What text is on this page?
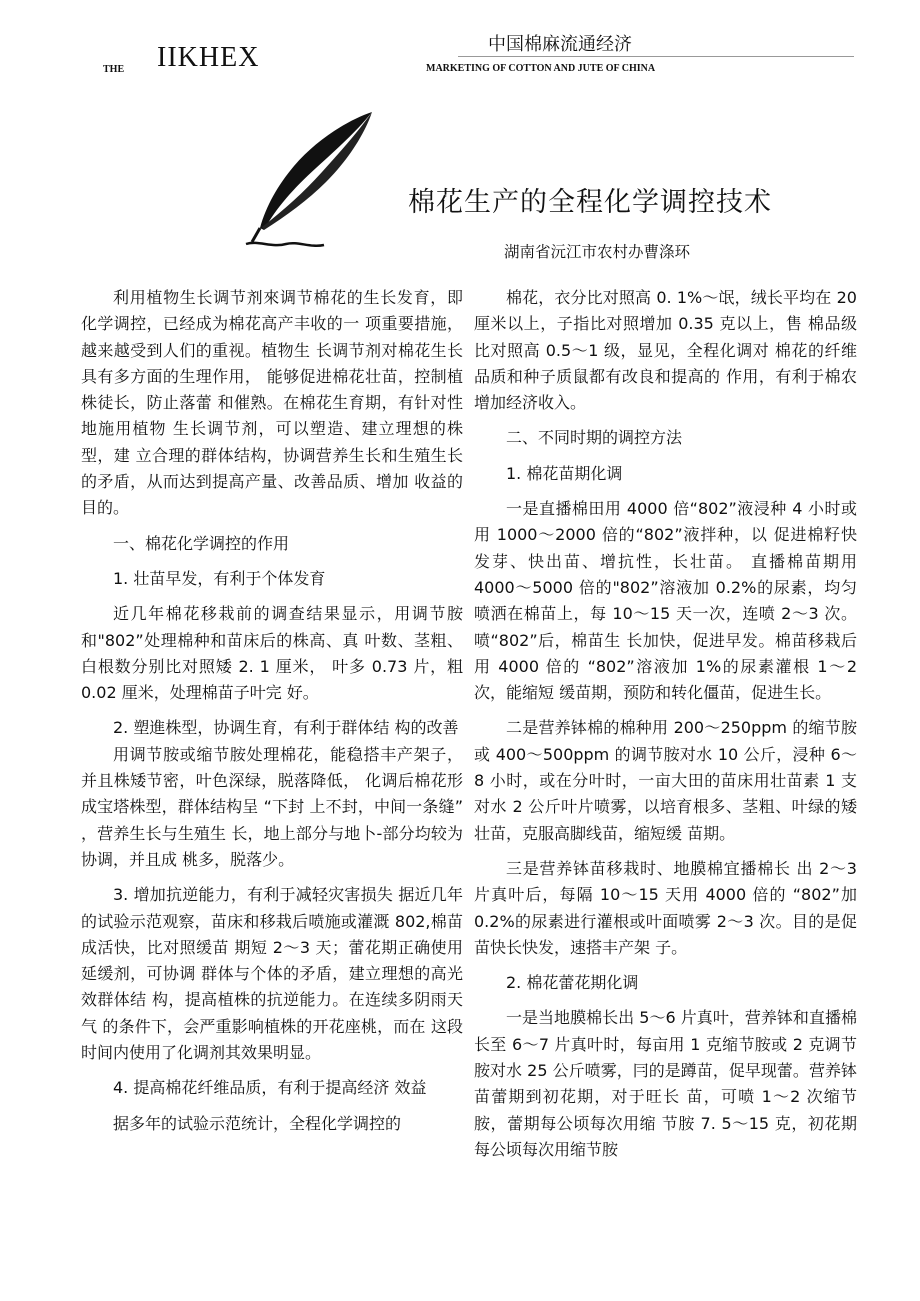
THE IIKHEX	中国棉麻流通经济
MARKETING OF COTTON AND JUTE OF CHINA
棉花生产的全程化学调控技术
湖南省沅江市农村办曹涤环

利用植物生长调节剂來调节棉花的生长发育，即化学调控，已经成为棉花高产丰收的一 项重要措施，越来越受到人们的重视。植物生 长调节剂对棉花生长具有多方面的生理作用， 能够促进棉花壮苗，控制植株徒长，防止落蕾 和催熟。在棉花生育期，有针对性地施用植物 生长调节剂，可以塑造、建立理想的株型，建 立合理的群体结构，协调营养生长和生殖生长 的矛盾，从而达到提高产量、改善品质、增加 收益的目的。

一、棉花化学调控的作用
1. 壮苗早发，有利于个体发育

近几年棉花移栽前的调查结果显示，用调节胺和"802”处理棉种和苗床后的株高、真 叶数、茎粗、白根数分别比对照矮 2. 1 厘米， 叶多 0.73 片，粗 0.02 厘米，处理棉苗子叶完 好。

2. 塑進株型，协调生育，有利于群体结 构的改善

用调节胺或缩节胺处理棉花，能稳搭丰产架子，并且株矮节密，叶色深绿，脱落降低， 化调后棉花形成宝塔株型，群体结构呈 “下封 上不封，中间一条缝” ，营养生长与生殖生 长，地上部分与地卜-部分均较为协调，并且成 桃多，脱落少。

3. 增加抗逆能力，有利于减轻灾害损失 据近几年的试验示范观察，苗床和移栽后喷施或灌溉 802,棉苗成活快，比对照缓苗 期短 2〜3 天；蕾花期正确使用延缓剂，可协调 群体与个体的矛盾，建立理想的高光效群体结 构，提高植株的抗逆能力。在连续多阴雨天气 的条件下，会严重影响植株的开花座桃，而在 这段时间内使用了化调剂其效果明显。

4. 提高棉花纤维品质，有利于提高经济 效益

据多年的试验示范统计，全程化学调控的

棉花，衣分比对照高 0. 1%〜氓，绒长平均在 20 厘米以上，子指比对照增加 0.35 克以上，售 棉品级比对照高 0.5〜1 级，显见，全程化调对 棉花的纤维品质和种子质鼠都有改良和提高的 作用，有利于棉农增加经济收入。

二、不同时期的调控方法
1. 棉花苗期化调

一是直播棉田用 4000 倍“802”液浸种 4 小时或用 1000〜2000 倍的“802”液拌种，以 促进棉籽快发芽、快出苗、增抗性，长壮苗。 直播棉苗期用 4000〜5000 倍的"802”溶液加 0.2%的尿素，均匀喷洒在棉苗上，每 10〜15 天一次，连喷 2〜3 次。喷“802”后，棉苗生 长加快，促进早发。棉苗移栽后用 4000 倍的 “802”溶液加 1%的尿素灌根 1〜2 次，能缩短 缓苗期，预防和转化僵苗，促进生长。

二是营养钵棉的棉种用 200〜250ppm 的缩节胺或 400〜500ppm 的调节胺对水 10 公斤，浸种 6〜8 小时，或在分叶时，一亩大田的苗床用壮苗素 1 支对水 2 公斤叶片喷雾，以培育根多、茎粗、叶绿的矮壮苗，克服高脚线苗，缩短缓 苗期。

三是营养钵苗移栽时、地膜棉宜播棉长 出 2〜3 片真叶后，每隔 10〜15 天用 4000 倍的 “802”加 0.2%的尿素进行灌根或叶面喷雾 2〜3 次。目的是促苗快长快发，速搭丰产架 子。

2. 棉花蕾花期化调

一是当地膜棉长出 5〜6 片真叶，营养钵和直播棉长至 6〜7 片真叶时，每亩用 1 克缩节胺或 2 克调节胺对水 25 公斤喷雾，冃的是蹲苗，促早现蕾。营养钵苗蕾期到初花期，对于旺长 苗，可喷 1〜2 次缩节胺，蕾期每公顷每次用缩 节胺 7. 5〜15 克，初花期每公顷每次用缩节胺
